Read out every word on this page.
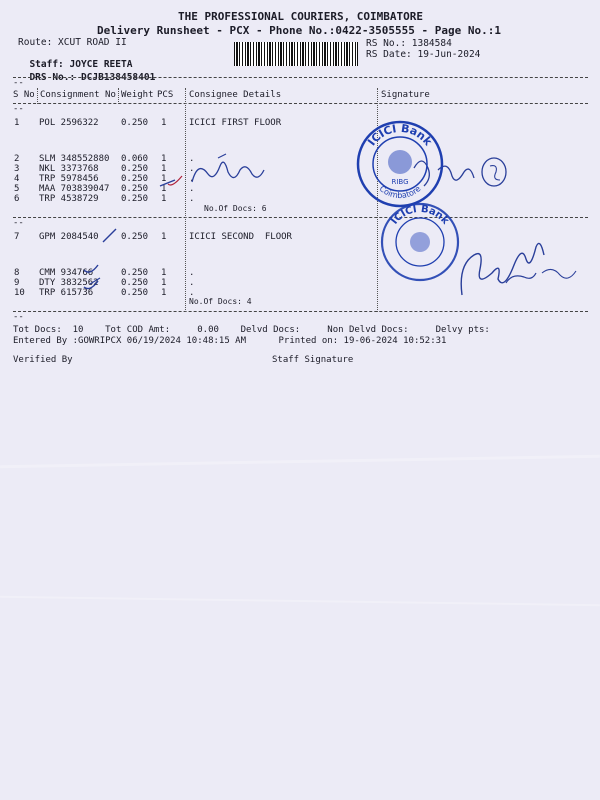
THE PROFESSIONAL COURIERS, COIMBATORE
Delivery Runsheet - PCX - Phone No.:0422-3505555 - Page No.:1
Route: XCUT ROAD II

Staff: JOYCE REETA

DRS No.: DCJB138458401

RS No.: 1384584
RS Date: 19-Jun-2024
--
--
--
--
S No Consignment No Weight PCS Consignee Details	Signature
1 POL 2596322 0.250 1	ICICI FIRST FLOOR
2 SLM 348552880 0.060 1	.
3 NKL 3373768 0.250 1	.
4 TRP 5978456 0.250 1	.
5 MAA 703839047 0.250 1	.
6 TRP 4538729 0.250 1	.
No.Of Docs: 6
7 GPM 2084540 0.250 1	ICICI SECOND  FLOOR
8 CMM 934766	0.250 1	.
9 DTY 3832562 0.250 1	.
10 TRP 615736	0.250 1	.
No.Of Docs: 4
Tot Docs:  10    Tot COD Amt:     0.00    Delvd Docs:     Non Delvd Docs:     Delvy pts:
Entered By :GOWRIPCX 06/19/2024 10:48:15 AM      Printed on: 19-06-2024 10:52:31
Verified By	Staff Signature
ICICI Bank
Coimbatore
RIBG
ICICI Bank
